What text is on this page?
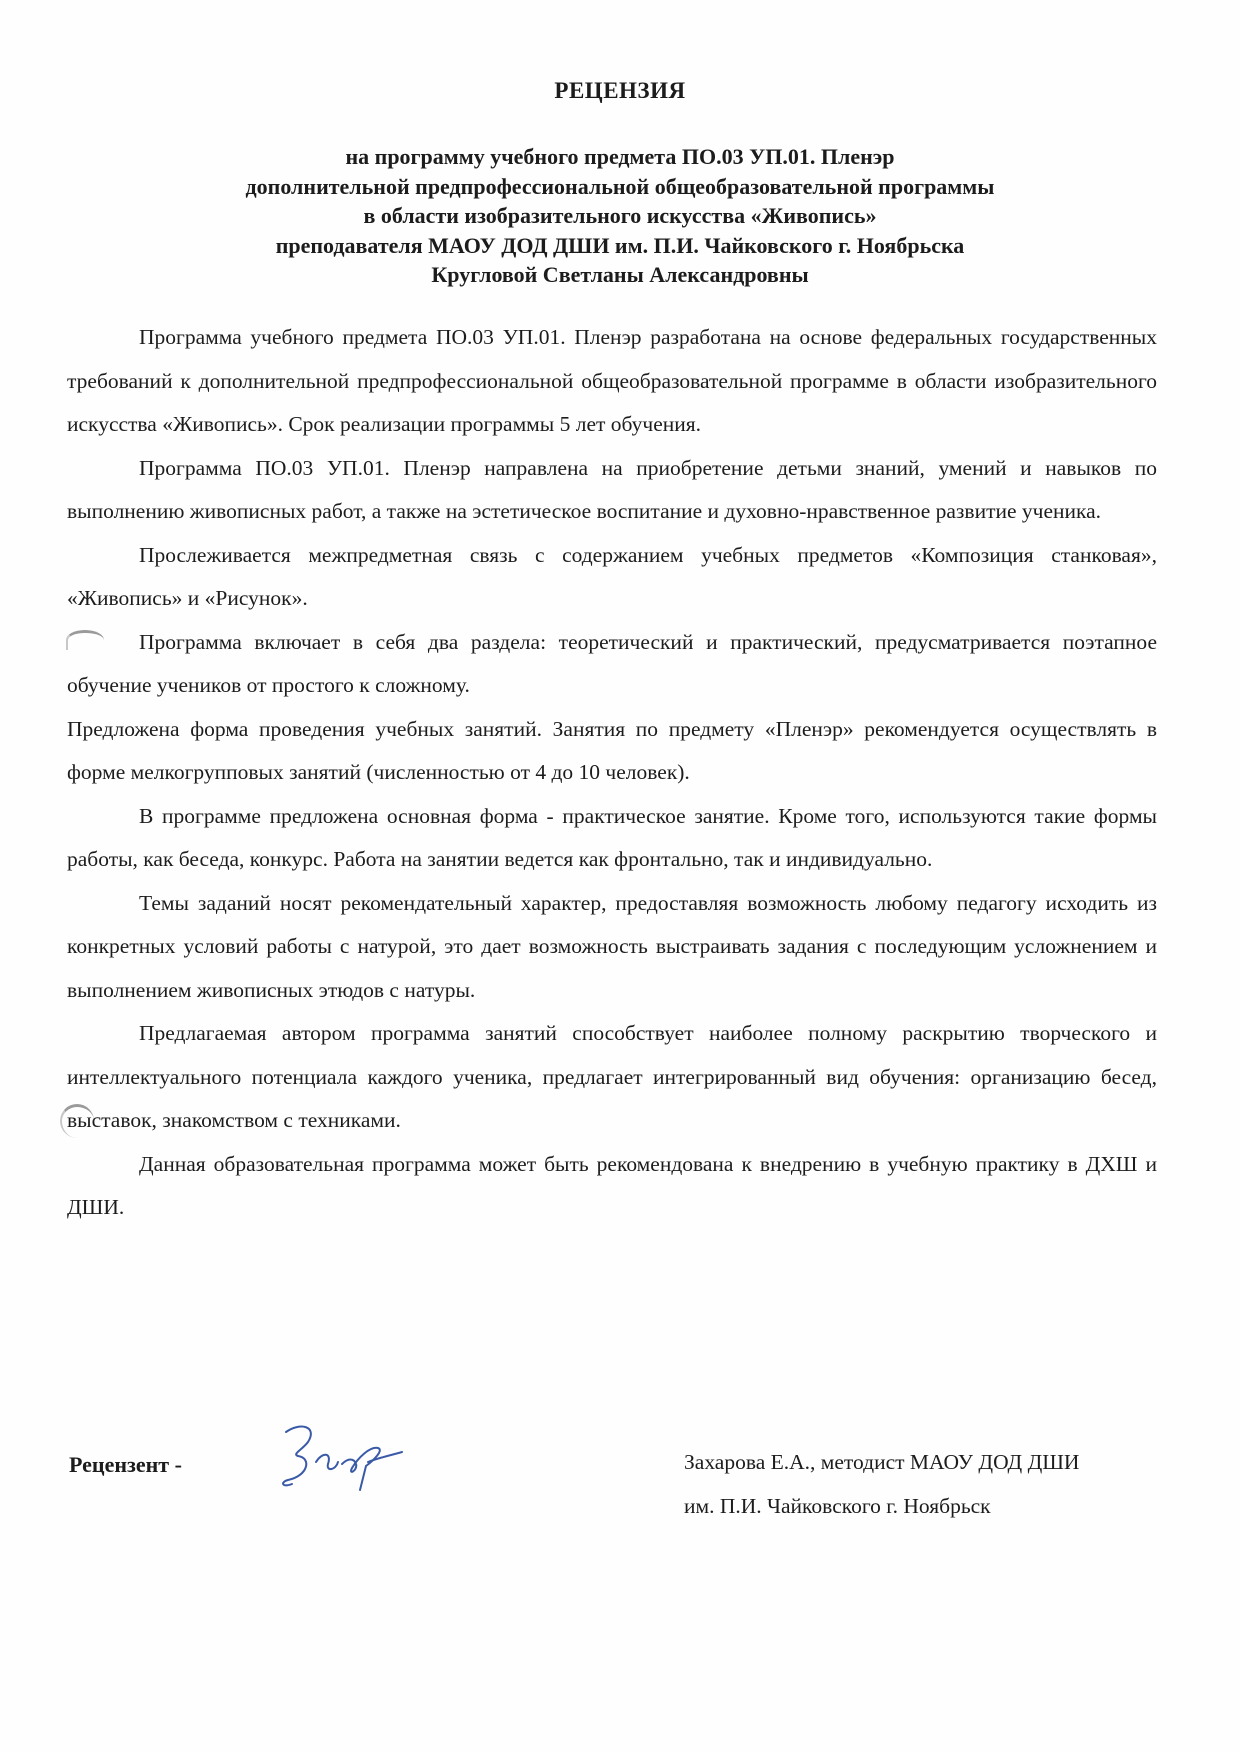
РЕЦЕНЗИЯ
на программу учебного предмета ПО.03 УП.01. Пленэр
дополнительной предпрофессиональной общеобразовательной программы
в области изобразительного искусства «Живопись»
преподавателя МАОУ ДОД ДШИ им. П.И. Чайковского г. Ноябрьска
Кругловой Светланы Александровны

Программа учебного предмета ПО.03 УП.01. Пленэр разработана на основе федеральных государственных требований к дополнительной предпрофессиональной общеобразовательной программе в области изобразительного искусства «Живопись». Срок реализации программы 5 лет обучения.

Программа ПО.03 УП.01. Пленэр направлена на приобретение детьми знаний, умений и навыков по выполнению живописных работ, а также на эстетическое воспитание и духовно-нравственное развитие ученика.

Прослеживается межпредметная связь с содержанием учебных предметов «Композиция станковая», «Живопись» и «Рисунок».

Программа включает в себя два раздела: теоретический и практический, предусматривается поэтапное обучение учеников от простого к сложному.

Предложена форма проведения учебных занятий. Занятия по предмету «Пленэр» рекомендуется осуществлять в форме мелкогрупповых занятий (численностью от 4 до 10 человек).

В программе предложена основная форма - практическое занятие. Кроме того, используются такие формы работы, как беседа, конкурс. Работа на занятии ведется как фронтально, так и индивидуально.

Темы заданий носят рекомендательный характер, предоставляя возможность любому педагогу исходить из конкретных условий работы с натурой, это дает возможность выстраивать задания с последующим усложнением и выполнением живописных этюдов с натуры.

Предлагаемая автором программа занятий способствует наиболее полному раскрытию творческого и интеллектуального потенциала каждого ученика, предлагает интегрированный вид обучения: организацию бесед, выставок, знакомством с техниками.

Данная образовательная программа может быть рекомендована к внедрению в учебную практику в ДХШ и ДШИ.

Рецензент -	Захарова Е.А., методист МАОУ ДОД ДШИ
им. П.И. Чайковского г. Ноябрьск
